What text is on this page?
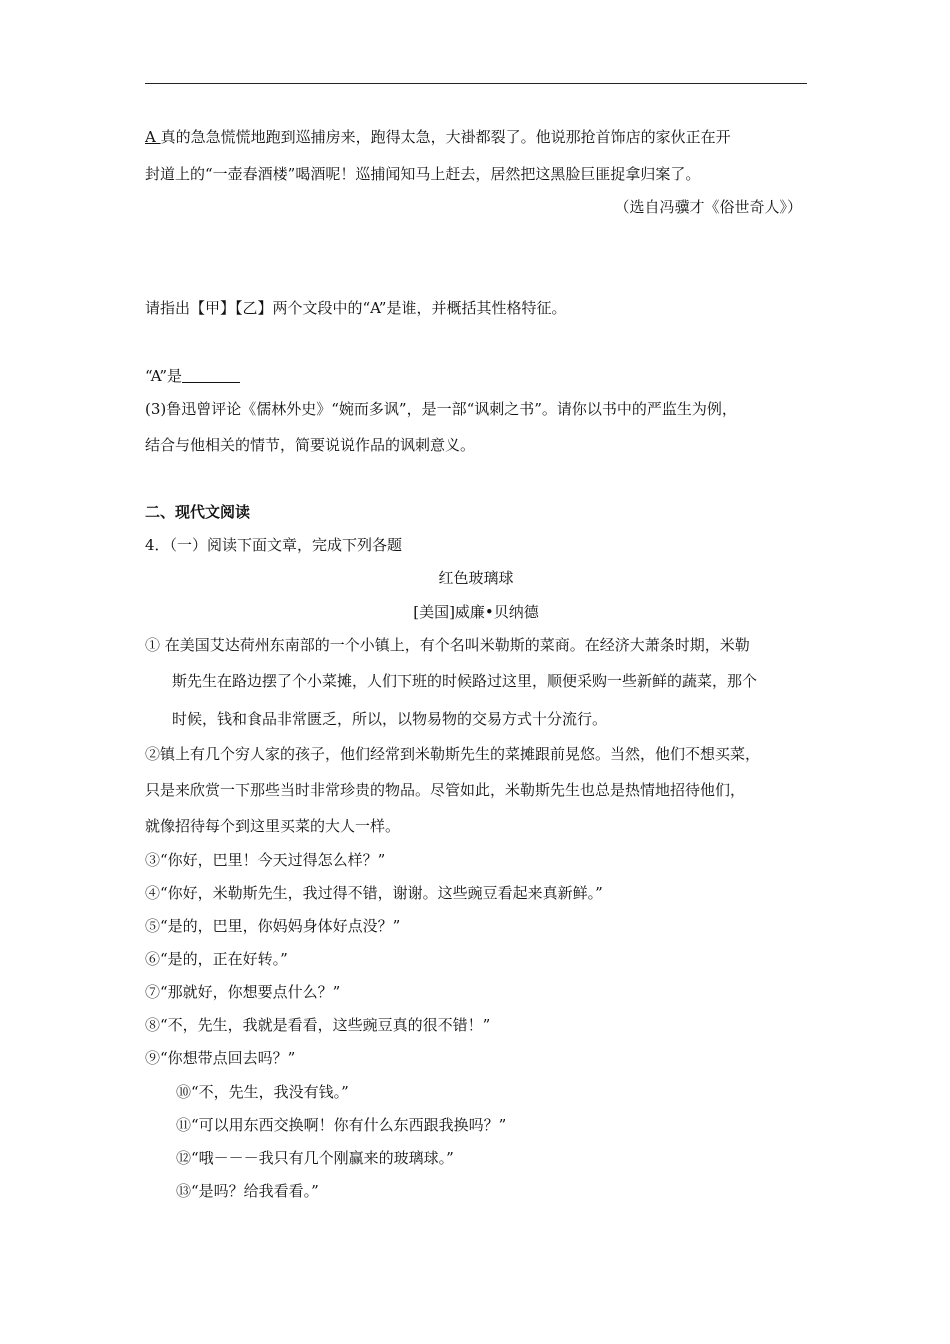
A 真的急急慌慌地跑到巡捕房来，跑得太急，大褂都裂了。他说那抢首饰店的家伙正在开
封道上的“一壶春酒楼”喝酒呢！巡捕闻知马上赶去，居然把这黑脸巨匪捉拿归案了。
（选自冯骥才《俗世奇人》）
请指出【甲】【乙】两个文段中的“A”是谁，并概括其性格特征。
“A”是
(3)鲁迅曾评论《儒林外史》“婉而多讽”，是一部“讽刺之书”。请你以书中的严监生为例，
结合与他相关的情节，简要说说作品的讽刺意义。
二、现代文阅读
4．（一）阅读下面文章，完成下列各题
红色玻璃球
[美国]威廉•贝纳德
① 在美国艾达荷州东南部的一个小镇上，有个名叫米勒斯的菜商。在经济大萧条时期，米勒
斯先生在路边摆了个小菜摊，人们下班的时候路过这里，顺便采购一些新鲜的蔬菜，那个
时候，钱和食品非常匮乏，所以，以物易物的交易方式十分流行。
②镇上有几个穷人家的孩子，他们经常到米勒斯先生的菜摊跟前晃悠。当然，他们不想买菜，
只是来欣赏一下那些当时非常珍贵的物品。尽管如此，米勒斯先生也总是热情地招待他们，
就像招待每个到这里买菜的大人一样。
③“你好，巴里！今天过得怎么样？”
④“你好，米勒斯先生，我过得不错，谢谢。这些豌豆看起来真新鲜。”
⑤“是的，巴里，你妈妈身体好点没？”
⑥“是的，正在好转。”
⑦“那就好，你想要点什么？”
⑧“不，先生，我就是看看，这些豌豆真的很不错！”
⑨“你想带点回去吗？”
⑩“不，先生，我没有钱。”
⑪“可以用东西交换啊！你有什么东西跟我换吗？”
⑫“哦－－－我只有几个刚赢来的玻璃球。”
⑬“是吗？给我看看。”
